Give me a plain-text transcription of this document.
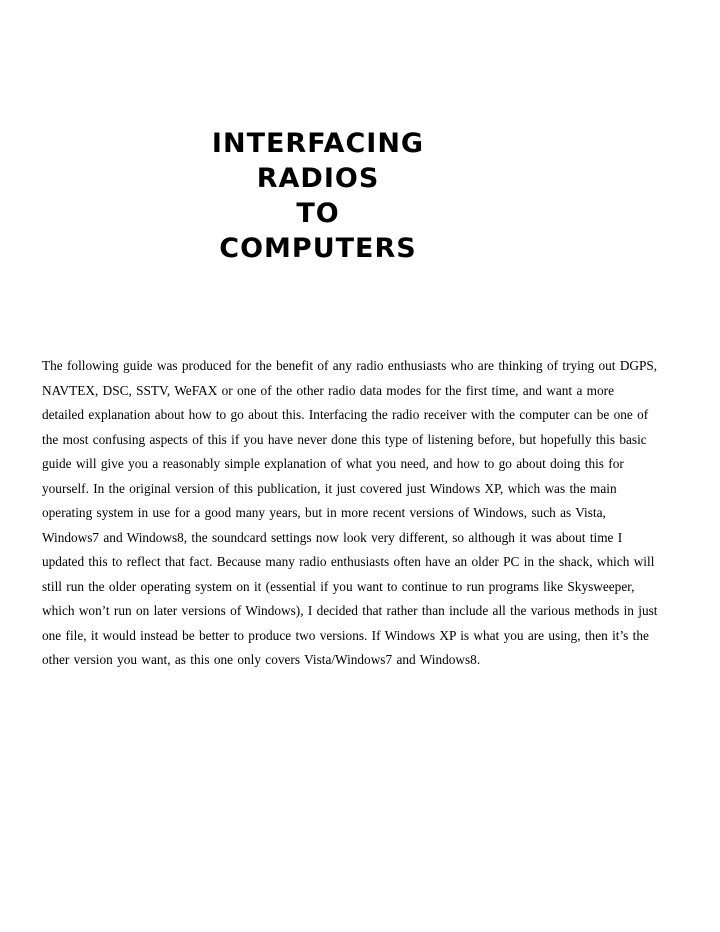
INTERFACING
RADIOS
TO
COMPUTERS
The following guide was produced for the benefit of any radio enthusiasts who are thinking of trying out DGPS,
NAVTEX, DSC, SSTV, WeFAX or one of the other radio data modes for the first time, and want a more
detailed explanation about how to go about this. Interfacing the radio receiver with the computer can be one of
the most confusing aspects of this if you have never done this type of listening before, but hopefully this basic
guide will give you a reasonably simple explanation of what you need, and how to go about doing this for
yourself. In the original version of this publication, it just covered just Windows XP, which was the main
operating system in use for a good many years, but in more recent versions of Windows, such as Vista,
Windows7 and Windows8, the soundcard settings now look very different, so although it was about time I
updated this to reflect that fact. Because many radio enthusiasts often have an older PC in the shack, which will
still run the older operating system on it (essential if you want to continue to run programs like Skysweeper,
which won’t run on later versions of Windows), I decided that rather than include all the various methods in just
one file, it would instead be better to produce two versions. If Windows XP is what you are using, then it’s the
other version you want, as this one only covers Vista/Windows7 and Windows8.
